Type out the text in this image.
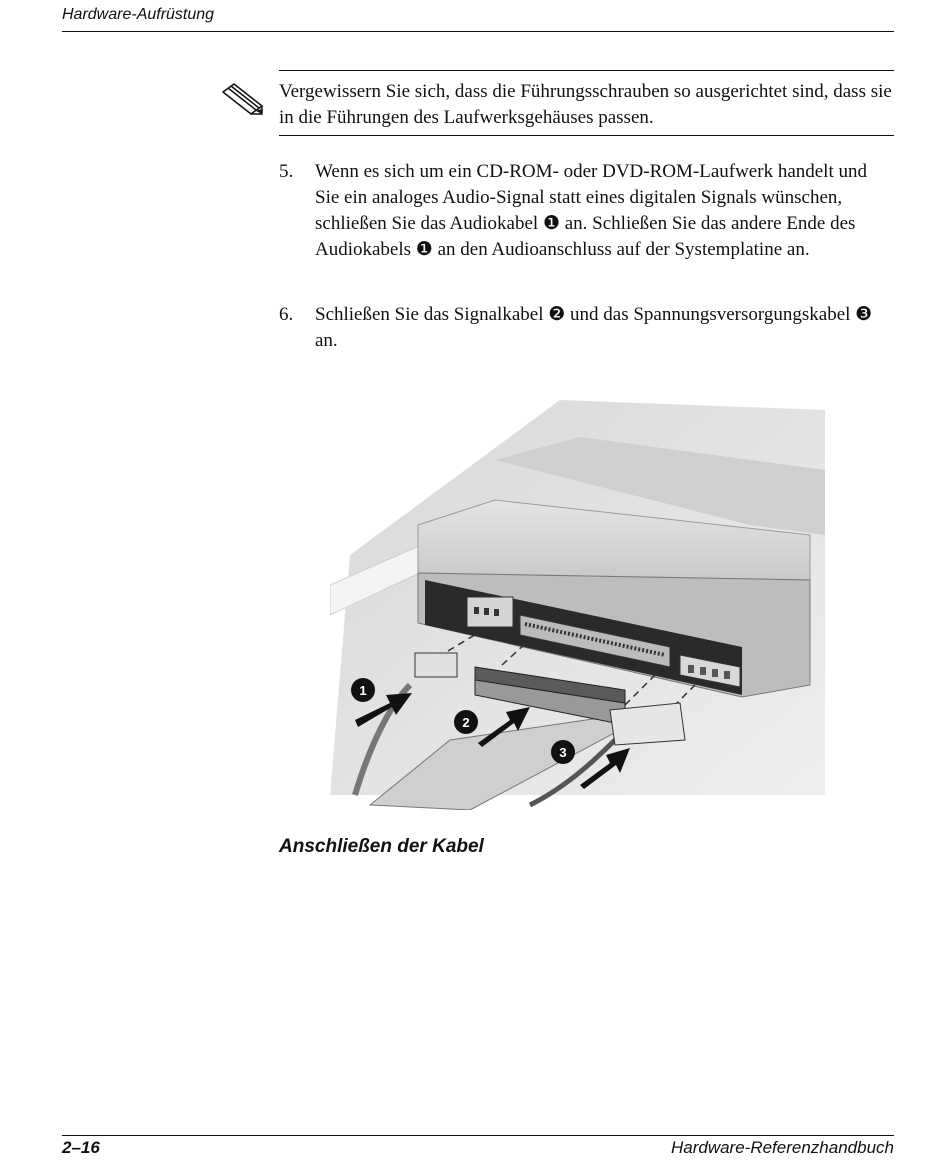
Hardware-Aufrüstung
Vergewissern Sie sich, dass die Führungsschrauben so ausgerichtet sind, dass sie in die Führungen des Laufwerksgehäuses passen.
5.	Wenn es sich um ein CD-ROM- oder DVD-ROM-Laufwerk handelt und Sie ein analoges Audio-Signal statt eines digitalen Signals wünschen, schließen Sie das Audiokabel ❶ an. Schließen Sie das andere Ende des Audiokabels ❶ an den Audioanschluss auf der Systemplatine an.
6.	Schließen Sie das Signalkabel ❷ und das Spannungsversorgungskabel ❸ an.
1
2
3
Anschließen der Kabel
2–16	Hardware-Referenzhandbuch
